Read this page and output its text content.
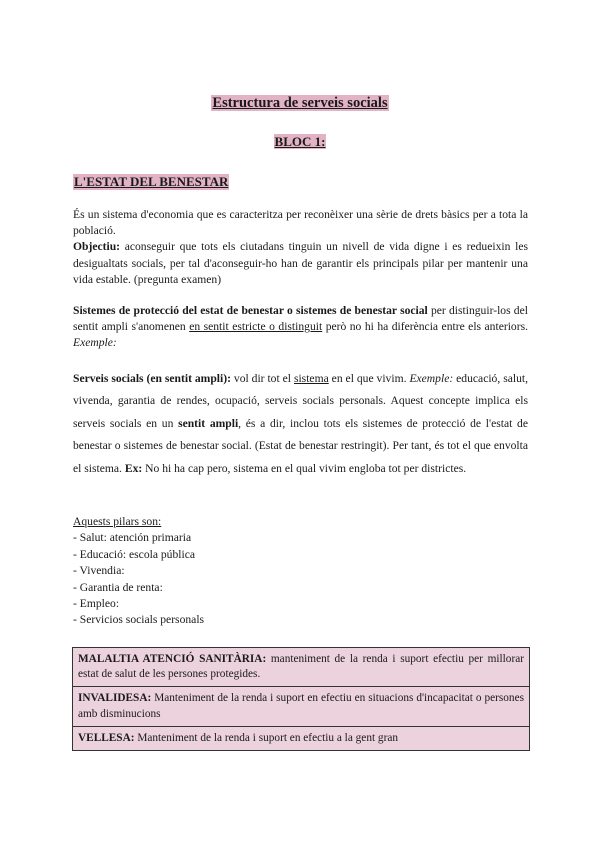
Estructura de serveis socials
BLOC 1:
L'ESTAT DEL BENESTAR

És un sistema d'economia que es caracteritza per reconèixer una sèrie de drets bàsics per a tota la població.

Objectiu: aconseguir que tots els ciutadans tinguin un nivell de vida digne i es redueixin les desigualtats socials, per tal d'aconseguir-ho han de garantir els principals pilar per mantenir una vida estable. (pregunta examen)

Sistemes de protecció del estat de benestar o sistemes de benestar social per distinguir-los del sentit ampli s'anomenen en sentit estricte o distinguit però no hi ha diferència entre els anteriors. Exemple:

Serveis socials (en sentit ampli): vol dir tot el sistema en el que vivim. Exemple: educació, salut, vivenda, garantia de rendes, ocupació, serveis socials personals. Aquest concepte implica els serveis socials en un sentit ampli, és a dir, inclou tots els sistemes de protecció de l'estat de benestar o sistemes de benestar social. (Estat de benestar restringit). Per tant, és tot el que envolta el sistema. Ex: No hi ha cap pero, sistema en el qual vivim engloba tot per districtes.

Aquests pilars son:
- Salut: atención primaria
- Educació: escola pública
- Vivendia:
- Garantia de renta:
- Empleo:
- Servicios socials personals

MALALTIA ATENCIÓ SANITÀRIA: manteniment de la renda i suport efectiu per millorar estat de salut de les persones protegides.

INVALIDESA: Manteniment de la renda i suport en efectiu en situacions d'incapacitat o persones amb disminucions

VELLESA: Manteniment de la renda i suport en efectiu a la gent gran
